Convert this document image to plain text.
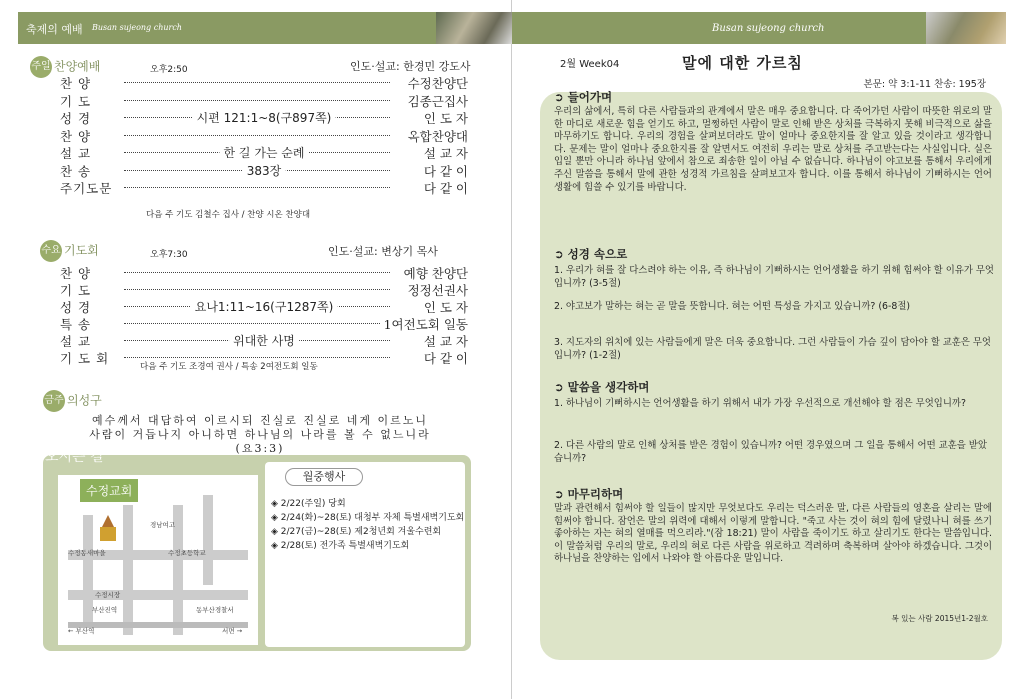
축제의 예배 Busan sujeong church
주일 찬양예배	오후2:50	인도·설교: 한경민 강도사
찬 양	수정찬양단
기 도	김종근집사
성 경	시편 121:1~8(구897쪽)	인 도 자
찬 양	옥합찬양대
설 교	한 길 가는 순례	설 교 자
찬 송	383장	다 같 이
주기도문	다 같 이
다음 주 기도 김철수 집사 / 찬양 시온 찬양대
수요 기도회	오후7:30	인도·설교: 변상기 목사
찬 양	예향 찬양단
기 도	정정선권사
성 경	요나1:11~16(구1287쪽)	인 도 자
특 송	1여전도회 일동
설 교	위대한 사명	설 교 자
기 도 회	다 같 이
다음 주 기도 조경여 권사 / 특송 2여전도회 일동
금주 의성구
예수께서 대답하여 이르시되 진실로 진실로 네게 이르노니
사람이 거듭나지 아니하면 하나님의 나라를 볼 수 없느니라
(요3:3)
오시는 길
수정교회
경남여고
수정동새마을	수정초등학교
수정시장
부산진역	동부산경찰서
← 부산역	서면 →
월중행사
◈ 2/22(주일) 당회
◈ 2/24(화)~28(토) 대청부 자체 특별새벽기도회
◈ 2/27(금)~28(토) 제2청년회 겨울수련회
◈ 2/28(토) 전가족 특별새벽기도회
Busan sujeong church
2월 Week04	말에 대한 가르침
본문: 약 3:1-11 찬송: 195장
➲ 들어가며
우리의 삶에서, 특히 다른 사람들과의 관계에서 말은 매우 중요합니다. 다 죽어가던 사람이 따뜻한 위로의 말 한 마디로 새로운 힘을 얻기도 하고, 멀쩡하던 사람이 말로 인해 받은 상처를 극복하지 못해 비극적으로 삶을 마무하기도 합니다. 우리의 경험을 살펴보더라도 말이 얼마나 중요한지를 잘 알고 있을 것이라고 생각합니다. 문제는 말이 얼마나 중요한지를 잘 알면서도 여전히 우리는 말로 상처를 주고받는다는 사실입니다. 실은 입일 뿐만 아니라 하나님 앞에서 참으로 죄송한 일이 아닐 수 없습니다. 하나님이 야고보를 통해서 우리에게 주신 말씀을 통해서 말에 관한 성경적 가르침을 살펴보고자 합니다. 이를 통해서 하나님이 기뻐하시는 언어생활에 힘쓸 수 있기를 바랍니다.
➲ 성경 속으로
1. 우리가 혀를 잘 다스려야 하는 이유, 즉 하나님이 기뻐하시는 언어생활을 하기 위해 힘써야 할 이유가 무엇입니까? (3-5절)
2. 야고보가 말하는 혀는 곧 말을 뜻합니다. 혀는 어떤 특성을 가지고 있습니까? (6-8절)
3. 지도자의 위치에 있는 사람들에게 말은 더욱 중요합니다. 그런 사람들이 가슴 깊이 담아야 할 교훈은 무엇입니까? (1-2절)
➲ 말씀을 생각하며
1. 하나님이 기뻐하시는 언어생활을 하기 위해서 내가 가장 우선적으로 개선해야 할 점은 무엇입니까?
2. 다른 사람의 말로 인해 상처를 받은 경험이 있습니까? 어떤 경우였으며 그 일을 통해서 어떤 교훈을 받았습니까?
➲ 마무리하며
말과 관련해서 힘써야 할 일들이 많지만 무엇보다도 우리는 덕스러운 말, 다른 사람들의 영혼을 살리는 말에 힘써야 합니다. 잠언은 말의 위력에 대해서 이렇게 말합니다. "죽고 사는 것이 혀의 힘에 달렸나니 혀를 쓰기 좋아하는 자는 혀의 열매를 먹으리라."(잠 18:21) 말이 사람을 죽이기도 하고 살리기도 한다는 말씀입니다. 이 말씀처럼 우리의 말로, 우리의 혀로 다른 사람을 위로하고 격려하며 축복하며 살아야 하겠습니다. 그것이 하나님을 찬양하는 입에서 나와야 할 아름다운 말입니다.
복 있는 사람 2015년1-2월호
